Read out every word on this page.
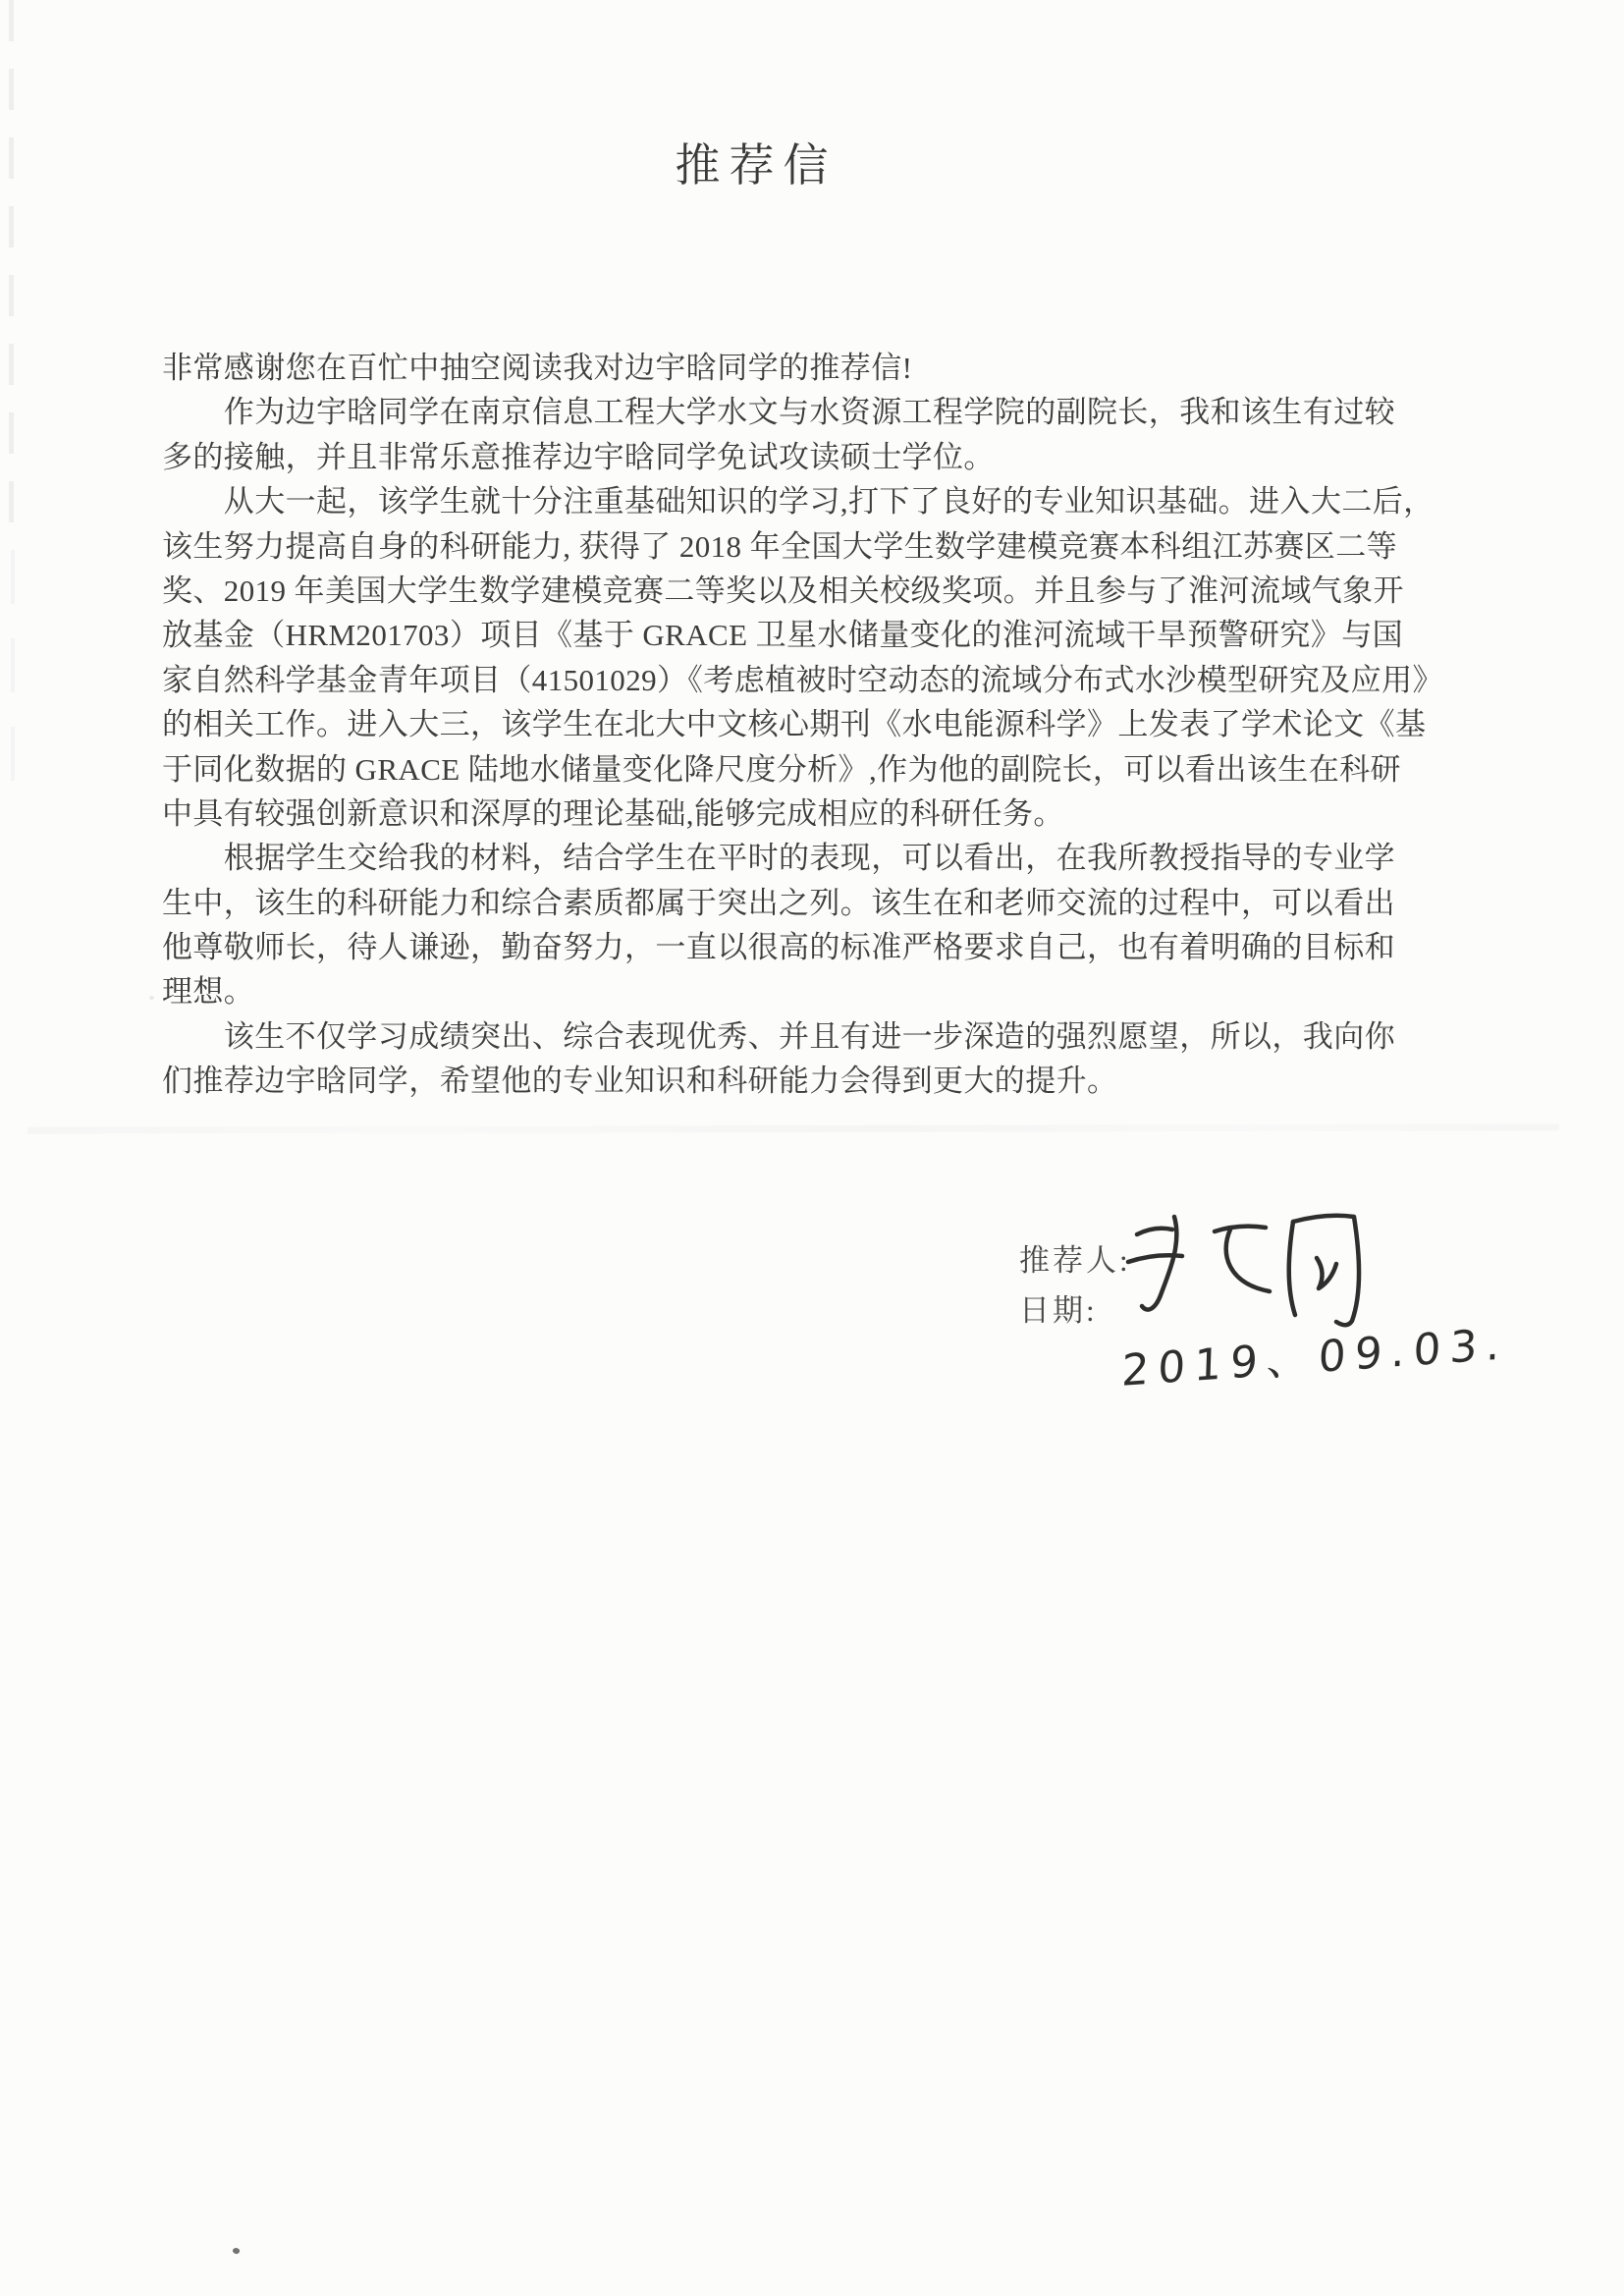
推荐信
非常感谢您在百忙中抽空阅读我对边宇晗同学的推荐信!
　　作为边宇晗同学在南京信息工程大学水文与水资源工程学院的副院长，我和该生有过较
多的接触，并且非常乐意推荐边宇晗同学免试攻读硕士学位。
　　从大一起，该学生就十分注重基础知识的学习,打下了良好的专业知识基础。进入大二后，
该生努力提高自身的科研能力, 获得了 2018 年全国大学生数学建模竞赛本科组江苏赛区二等
奖、2019 年美国大学生数学建模竞赛二等奖以及相关校级奖项。并且参与了淮河流域气象开
放基金（HRM201703）项目《基于 GRACE 卫星水储量变化的淮河流域干旱预警研究》与国
家自然科学基金青年项目（41501029）《考虑植被时空动态的流域分布式水沙模型研究及应用》
的相关工作。进入大三，该学生在北大中文核心期刊《水电能源科学》上发表了学术论文《基
于同化数据的 GRACE 陆地水储量变化降尺度分析》,作为他的副院长，可以看出该生在科研
中具有较强创新意识和深厚的理论基础,能够完成相应的科研任务。
　　根据学生交给我的材料，结合学生在平时的表现，可以看出，在我所教授指导的专业学
生中，该生的科研能力和综合素质都属于突出之列。该生在和老师交流的过程中，可以看出
他尊敬师长，待人谦逊，勤奋努力，一直以很高的标准严格要求自己，也有着明确的目标和
理想。
　　该生不仅学习成绩突出、综合表现优秀、并且有进一步深造的强烈愿望，所以，我向你
们推荐边宇晗同学，希望他的专业知识和科研能力会得到更大的提升。
推荐人:
日期:
2019、09.03.
